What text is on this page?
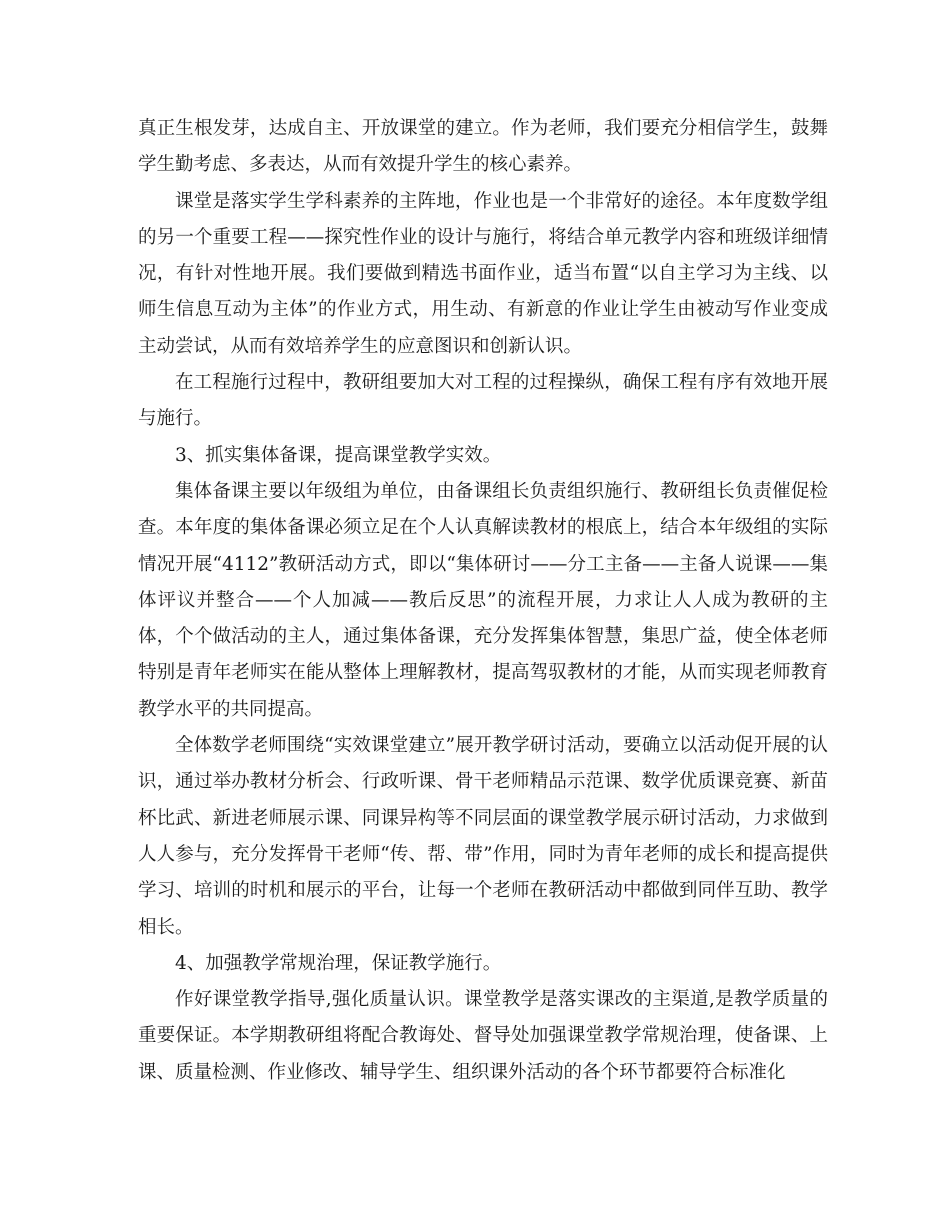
真正生根发芽，达成自主、开放课堂的建立。作为老师，我们要充分相信学生，鼓舞学生勤考虑、多表达，从而有效提升学生的核心素养。

课堂是落实学生学科素养的主阵地，作业也是一个非常好的途径。本年度数学组的另一个重要工程——探究性作业的设计与施行，将结合单元教学内容和班级详细情况，有针对性地开展。我们要做到精选书面作业，适当布置“以自主学习为主线、以师生信息互动为主体”的作业方式，用生动、有新意的作业让学生由被动写作业变成主动尝试，从而有效培养学生的应意图识和创新认识。

在工程施行过程中，教研组要加大对工程的过程操纵，确保工程有序有效地开展与施行。

3、抓实集体备课，提高课堂教学实效。

集体备课主要以年级组为单位，由备课组长负责组织施行、教研组长负责催促检查。本年度的集体备课必须立足在个人认真解读教材的根底上，结合本年级组的实际情况开展“4112”教研活动方式，即以“集体研讨——分工主备——主备人说课——集体评议并整合——个人加减——教后反思”的流程开展，力求让人人成为教研的主体，个个做活动的主人，通过集体备课，充分发挥集体智慧，集思广益，使全体老师特别是青年老师实在能从整体上理解教材，提高驾驭教材的才能，从而实现老师教育教学水平的共同提高。

全体数学老师围绕“实效课堂建立”展开教学研讨活动，要确立以活动促开展的认识，通过举办教材分析会、行政听课、骨干老师精品示范课、数学优质课竞赛、新苗杯比武、新进老师展示课、同课异构等不同层面的课堂教学展示研讨活动，力求做到人人参与，充分发挥骨干老师“传、帮、带”作用，同时为青年老师的成长和提高提供学习、培训的时机和展示的平台，让每一个老师在教研活动中都做到同伴互助、教学相长。

4、加强教学常规治理，保证教学施行。

作好课堂教学指导,强化质量认识。课堂教学是落实课改的主渠道,是教学质量的重要保证。本学期教研组将配合教诲处、督导处加强课堂教学常规治理，使备课、上课、质量检测、作业修改、辅导学生、组织课外活动的各个环节都要符合标准化
